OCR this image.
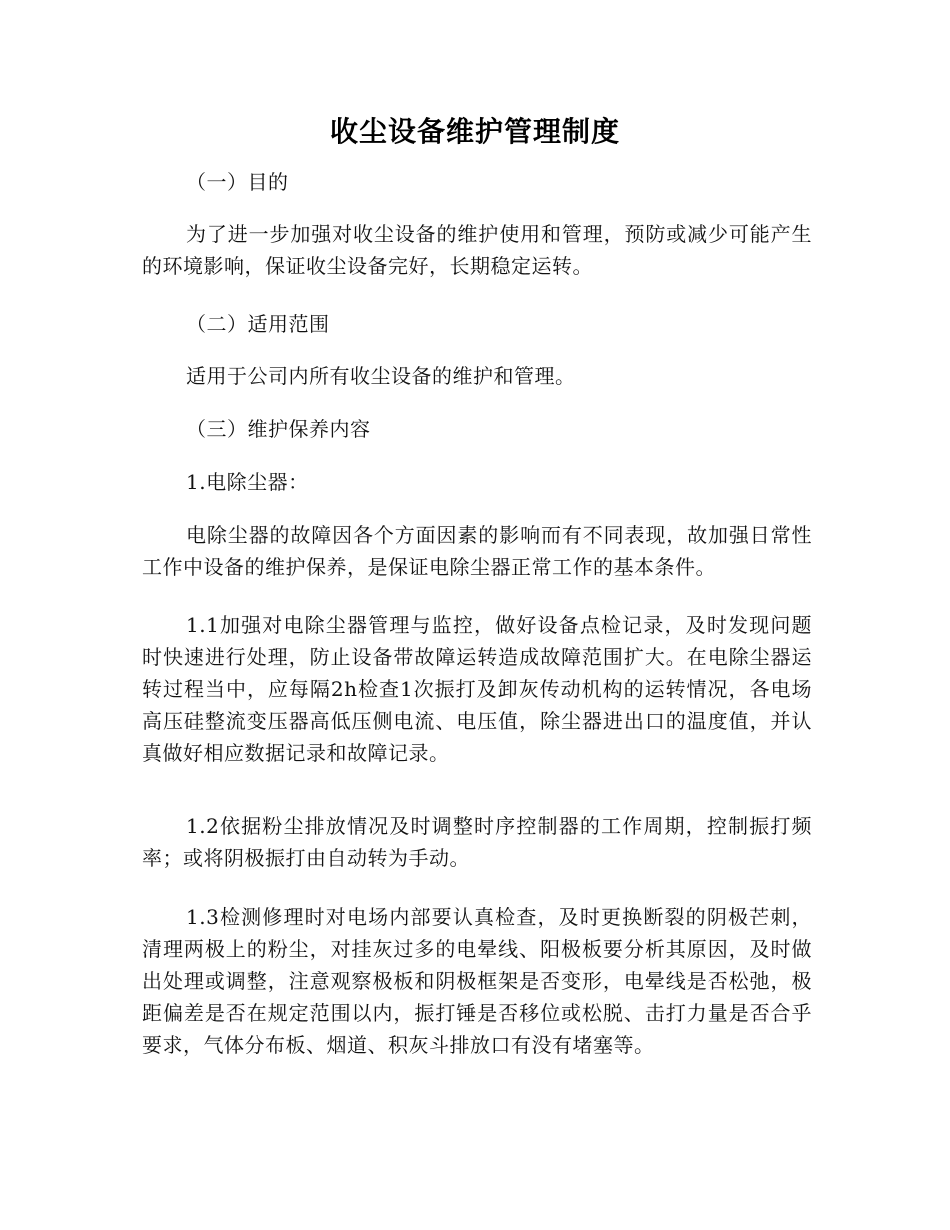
收尘设备维护管理制度

（一）目的

为了进一步加强对收尘设备的维护使用和管理，预防或减少可能产生的环境影响，保证收尘设备完好，长期稳定运转。

（二）适用范围

适用于公司内所有收尘设备的维护和管理。

（三）维护保养内容

1.电除尘器：

电除尘器的故障因各个方面因素的影响而有不同表现，故加强日常性工作中设备的维护保养，是保证电除尘器正常工作的基本条件。

1.1加强对电除尘器管理与监控，做好设备点检记录，及时发现问题时快速进行处理，防止设备带故障运转造成故障范围扩大。在电除尘器运转过程当中，应每隔2h检查1次振打及卸灰传动机构的运转情况，各电场高压硅整流变压器高低压侧电流、电压值，除尘器进出口的温度值，并认真做好相应数据记录和故障记录。

1.2依据粉尘排放情况及时调整时序控制器的工作周期，控制振打频率；或将阴极振打由自动转为手动。

1.3检测修理时对电场内部要认真检查，及时更换断裂的阴极芒刺，清理两极上的粉尘，对挂灰过多的电晕线、阳极板要分析其原因，及时做出处理或调整，注意观察极板和阴极框架是否变形，电晕线是否松弛，极距偏差是否在规定范围以内，振打锤是否移位或松脱、击打力量是否合乎要求，气体分布板、烟道、积灰斗排放口有没有堵塞等。
